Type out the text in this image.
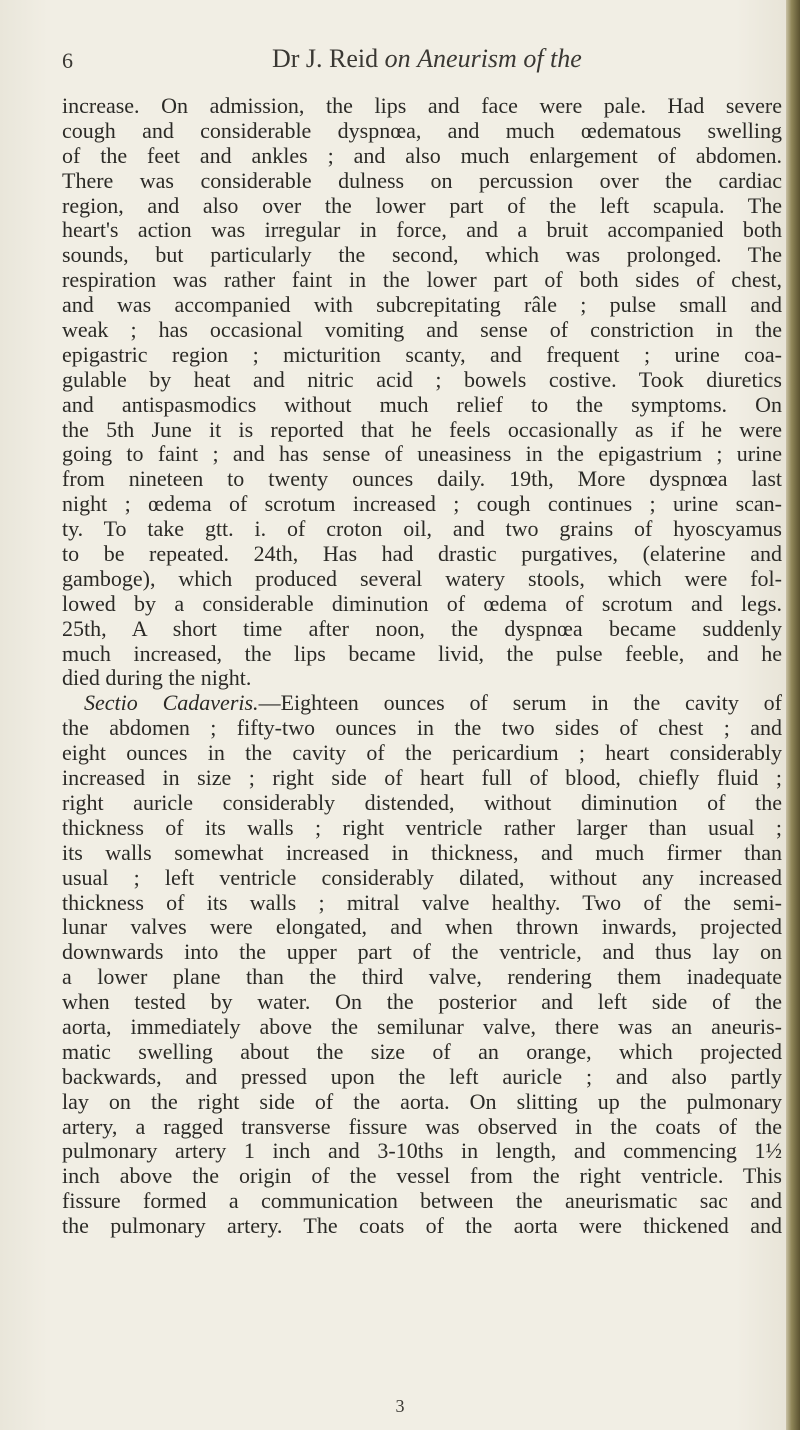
6	Dr J. Reid on Aneurism of the
increase. On admission, the lips and face were pale. Had severe
cough and considerable dyspnœa, and much œdematous swelling
of the feet and ankles ; and also much enlargement of abdomen.
There was considerable dulness on percussion over the cardiac
region, and also over the lower part of the left scapula. The
heart's action was irregular in force, and a bruit accompanied both
sounds, but particularly the second, which was prolonged. The
respiration was rather faint in the lower part of both sides of chest,
and was accompanied with subcrepitating râle ; pulse small and
weak ; has occasional vomiting and sense of constriction in the
epigastric region ; micturition scanty, and frequent ; urine coa-
gulable by heat and nitric acid ; bowels costive. Took diuretics
and antispasmodics without much relief to the symptoms. On
the 5th June it is reported that he feels occasionally as if he were
going to faint ; and has sense of uneasiness in the epigastrium ; urine
from nineteen to twenty ounces daily. 19th, More dyspnœa last
night ; œdema of scrotum increased ; cough continues ; urine scan-
ty. To take gtt. i. of croton oil, and two grains of hyoscyamus
to be repeated. 24th, Has had drastic purgatives, (elaterine and
gamboge), which produced several watery stools, which were fol-
lowed by a considerable diminution of œdema of scrotum and legs.
25th, A short time after noon, the dyspnœa became suddenly
much increased, the lips became livid, the pulse feeble, and he
died during the night.
Sectio Cadaveris.—Eighteen ounces of serum in the cavity of
the abdomen ; fifty-two ounces in the two sides of chest ; and
eight ounces in the cavity of the pericardium ; heart considerably
increased in size ; right side of heart full of blood, chiefly fluid ;
right auricle considerably distended, without diminution of the
thickness of its walls ; right ventricle rather larger than usual ;
its walls somewhat increased in thickness, and much firmer than
usual ; left ventricle considerably dilated, without any increased
thickness of its walls ; mitral valve healthy. Two of the semi-
lunar valves were elongated, and when thrown inwards, projected
downwards into the upper part of the ventricle, and thus lay on
a lower plane than the third valve, rendering them inadequate
when tested by water. On the posterior and left side of the
aorta, immediately above the semilunar valve, there was an aneuris-
matic swelling about the size of an orange, which projected
backwards, and pressed upon the left auricle ; and also partly
lay on the right side of the aorta. On slitting up the pulmonary
artery, a ragged transverse fissure was observed in the coats of the
pulmonary artery 1 inch and 3-10ths in length, and commencing 1½
inch above the origin of the vessel from the right ventricle. This
fissure formed a communication between the aneurismatic sac and
the pulmonary artery. The coats of the aorta were thickened and
3
